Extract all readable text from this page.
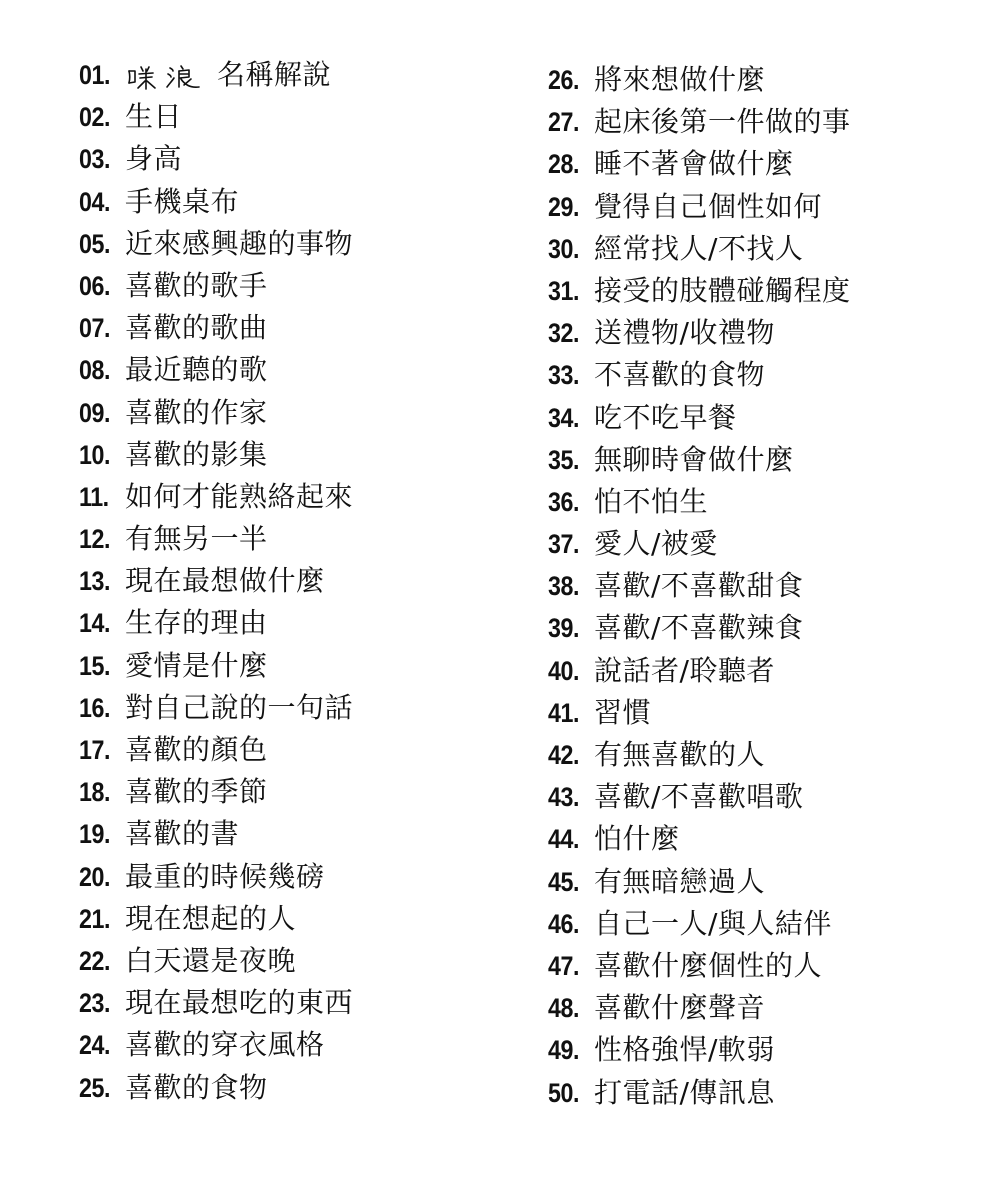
01.	名稱解說
02. 生日
03. 身高
04. 手機桌布
05. 近來感興趣的事物
06. 喜歡的歌手
07. 喜歡的歌曲
08. 最近聽的歌
09. 喜歡的作家
10. 喜歡的影集
11. 如何才能熟絡起來
12. 有無另一半
13. 現在最想做什麼
14. 生存的理由
15. 愛情是什麼
16. 對自己說的一句話
17. 喜歡的顏色
18. 喜歡的季節
19. 喜歡的書
20. 最重的時候幾磅
21. 現在想起的人
22. 白天還是夜晚
23. 現在最想吃的東西
24. 喜歡的穿衣風格
25. 喜歡的食物
26. 將來想做什麼
27. 起床後第一件做的事
28. 睡不著會做什麼
29. 覺得自己個性如何
30. 經常找人/不找人
31. 接受的肢體碰觸程度
32. 送禮物/收禮物
33. 不喜歡的食物
34. 吃不吃早餐
35. 無聊時會做什麼
36. 怕不怕生
37. 愛人/被愛
38. 喜歡/不喜歡甜食
39. 喜歡/不喜歡辣食
40. 說話者/聆聽者
41. 習慣
42. 有無喜歡的人
43. 喜歡/不喜歡唱歌
44. 怕什麼
45. 有無暗戀過人
46. 自己一人/與人結伴
47. 喜歡什麼個性的人
48. 喜歡什麼聲音
49. 性格強悍/軟弱
50. 打電話/傳訊息
